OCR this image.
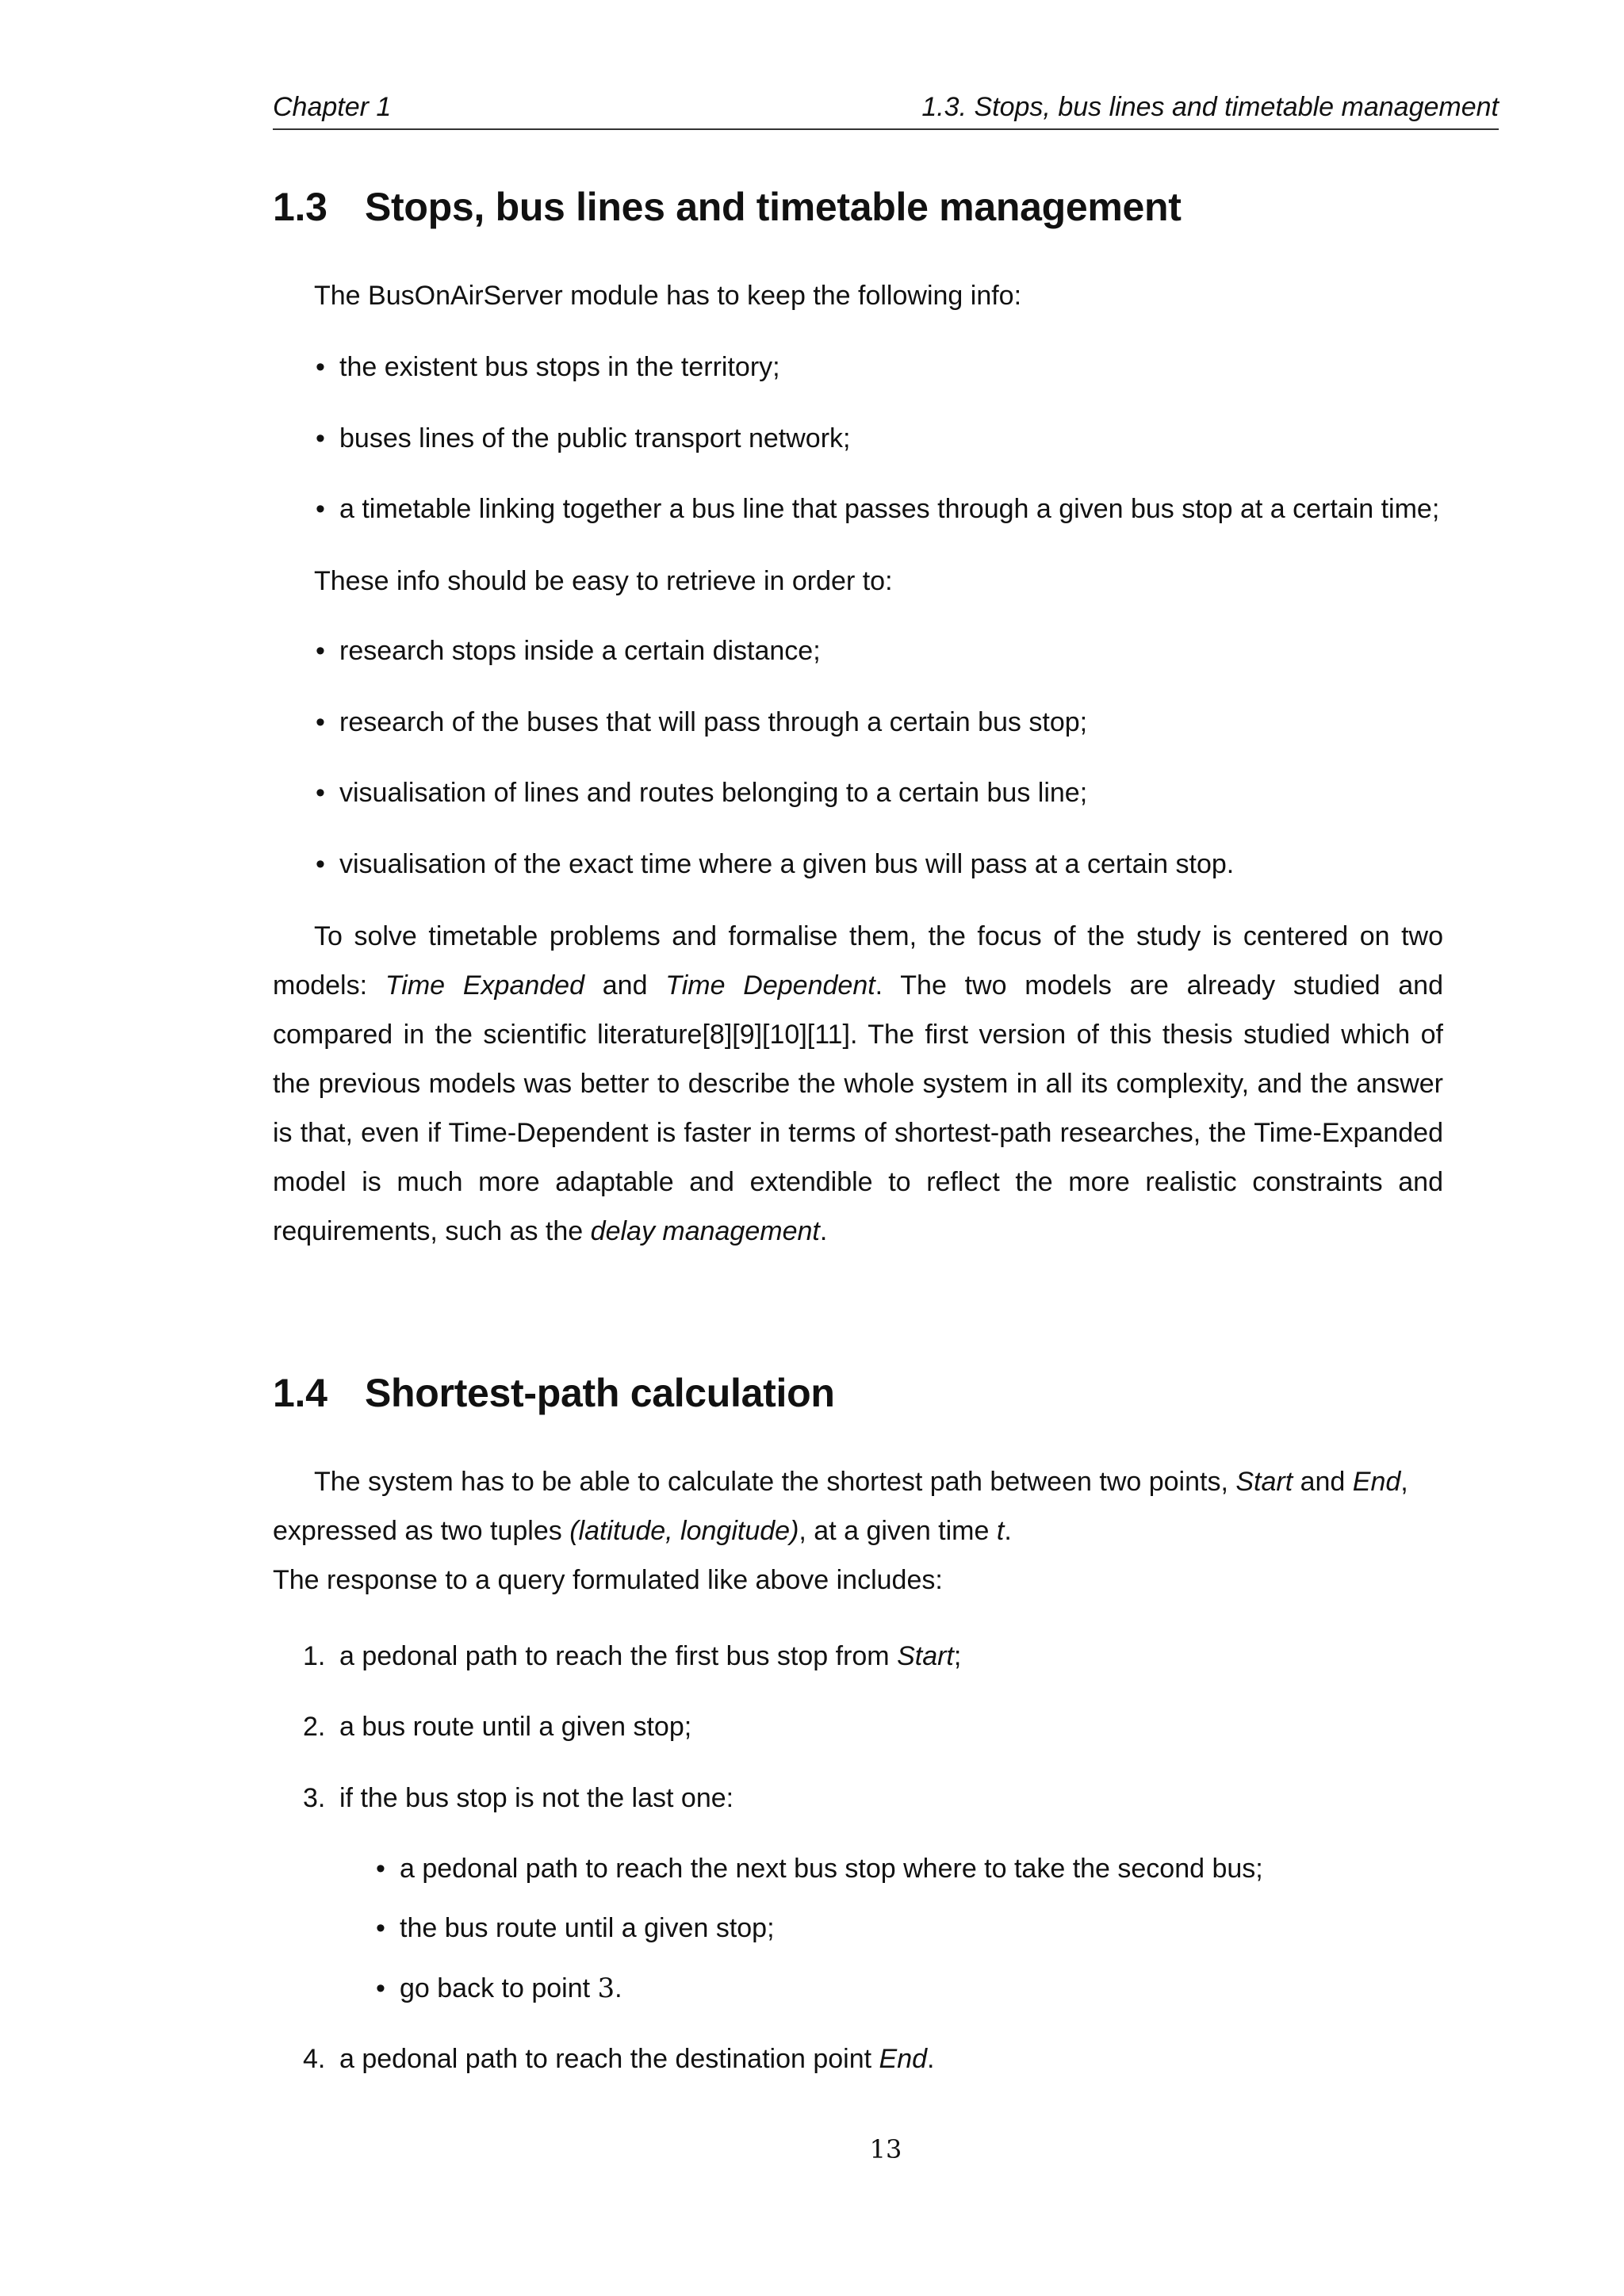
Chapter 1	1.3. Stops, bus lines and timetable management
1.3 Stops, bus lines and timetable management

The BusOnAirServer module has to keep the following info:

• the existent bus stops in the territory;
• buses lines of the public transport network;
• a timetable linking together a bus line that passes through a given bus stop at a certain time;

These info should be easy to retrieve in order to:

• research stops inside a certain distance;
• research of the buses that will pass through a certain bus stop;
• visualisation of lines and routes belonging to a certain bus line;
• visualisation of the exact time where a given bus will pass at a certain stop.

To solve timetable problems and formalise them, the focus of the study is centered on two models: Time Expanded and Time Dependent. The two models are already studied and compared in the scientific literature[8][9][10][11]. The first version of this thesis studied which of the previous models was better to describe the whole system in all its complexity, and the answer is that, even if Time-Dependent is faster in terms of shortest-path researches, the Time-Expanded model is much more adaptable and extendible to reflect the more realistic constraints and requirements, such as the delay management.

1.4 Shortest-path calculation

The system has to be able to calculate the shortest path between two points, Start and End, expressed as two tuples (latitude, longitude), at a given time t.

The response to a query formulated like above includes:

1. a pedonal path to reach the first bus stop from Start;
2. a bus route until a given stop;
3. if the bus stop is not the last one:
• a pedonal path to reach the next bus stop where to take the second bus;
• the bus route until a given stop;
• go back to point 3.
4. a pedonal path to reach the destination point End.
13
